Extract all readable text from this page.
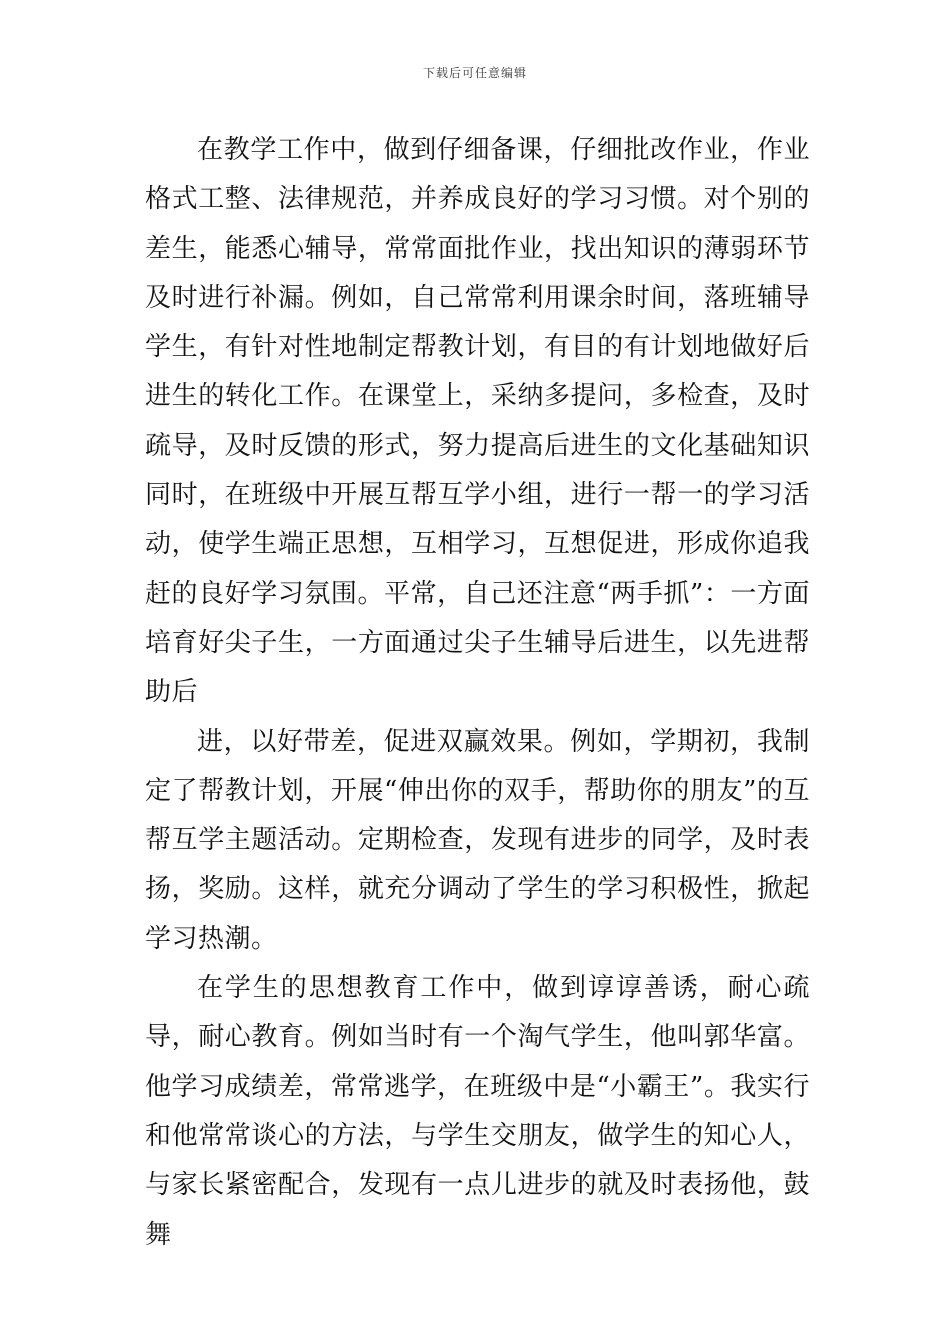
下载后可任意编辑

在教学工作中，做到仔细备课，仔细批改作业，作业格式工整、法律规范，并养成良好的学习习惯。对个别的差生，能悉心辅导，常常面批作业，找出知识的薄弱环节及时进行补漏。例如，自己常常利用课余时间，落班辅导学生，有针对性地制定帮教计划，有目的有计划地做好后进生的转化工作。在课堂上，采纳多提问，多检查，及时疏导，及时反馈的形式，努力提高后进生的文化基础知识同时，在班级中开展互帮互学小组，进行一帮一的学习活动，使学生端正思想，互相学习，互想促进，形成你追我赶的良好学习氛围。平常，自己还注意“两手抓”：一方面培育好尖子生，一方面通过尖子生辅导后进生，以先进帮助后

进，以好带差，促进双赢效果。例如，学期初，我制定了帮教计划，开展“伸出你的双手，帮助你的朋友”的互帮互学主题活动。定期检查，发现有进步的同学，及时表扬，奖励。这样，就充分调动了学生的学习积极性，掀起学习热潮。

在学生的思想教育工作中，做到谆谆善诱，耐心疏导，耐心教育。例如当时有一个淘气学生，他叫郭华富。他学习成绩差，常常逃学，在班级中是“小霸王”。我实行和他常常谈心的方法，与学生交朋友，做学生的知心人，与家长紧密配合，发现有一点儿进步的就及时表扬他，鼓舞
